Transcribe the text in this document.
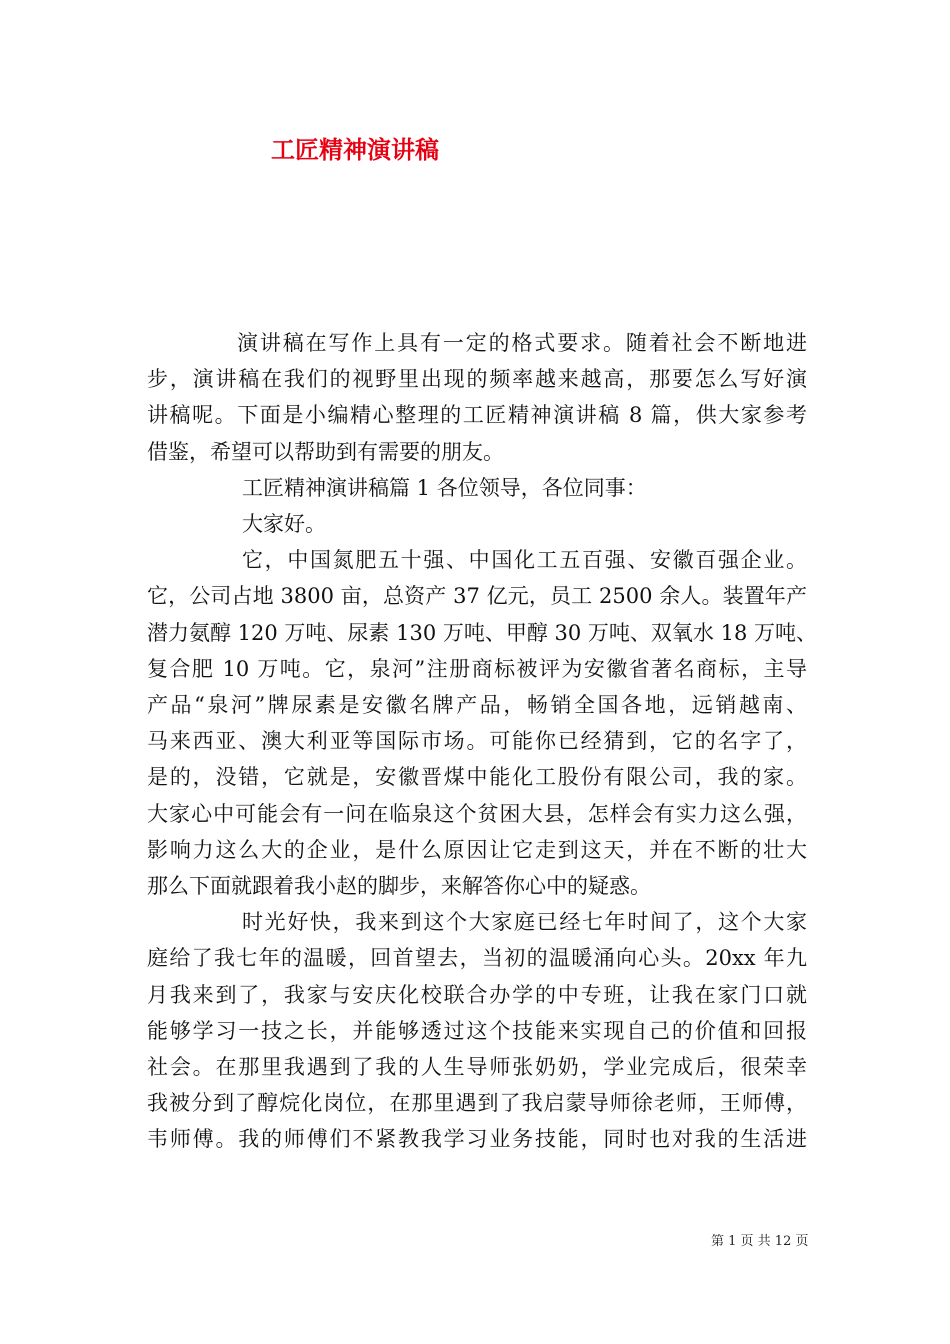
工匠精神演讲稿

演讲稿在写作上具有一定的格式要求。随着社会不断地进
步，演讲稿在我们的视野里出现的频率越来越高，那要怎么写好演
讲稿呢。下面是小编精心整理的工匠精神演讲稿 8 篇，供大家参考
借鉴，希望可以帮助到有需要的朋友。

工匠精神演讲稿篇 1 各位领导，各位同事：

大家好。

它，中国氮肥五十强、中国化工五百强、安徽百强企业。
它，公司占地 3800 亩，总资产 37 亿元，员工 2500 余人。装置年产
潜力氨醇 120 万吨、尿素 130 万吨、甲醇 30 万吨、双氧水 18 万吨、
复合肥 10 万吨。它，泉河”注册商标被评为安徽省著名商标，主导
产品“泉河”牌尿素是安徽名牌产品，畅销全国各地，远销越南、
马来西亚、澳大利亚等国际市场。可能你已经猜到，它的名字了，
是的，没错，它就是，安徽晋煤中能化工股份有限公司，我的家。
大家心中可能会有一问在临泉这个贫困大县，怎样会有实力这么强，
影响力这么大的企业，是什么原因让它走到这天，并在不断的壮大
那么下面就跟着我小赵的脚步，来解答你心中的疑惑。

时光好快，我来到这个大家庭已经七年时间了，这个大家
庭给了我七年的温暖，回首望去，当初的温暖涌向心头。20xx 年九
月我来到了，我家与安庆化校联合办学的中专班，让我在家门口就
能够学习一技之长，并能够透过这个技能来实现自己的价值和回报
社会。在那里我遇到了我的人生导师张奶奶，学业完成后，很荣幸
我被分到了醇烷化岗位，在那里遇到了我启蒙导师徐老师，王师傅，
韦师傅。我的师傅们不紧教我学习业务技能，同时也对我的生活进

第 1 页 共 12 页
